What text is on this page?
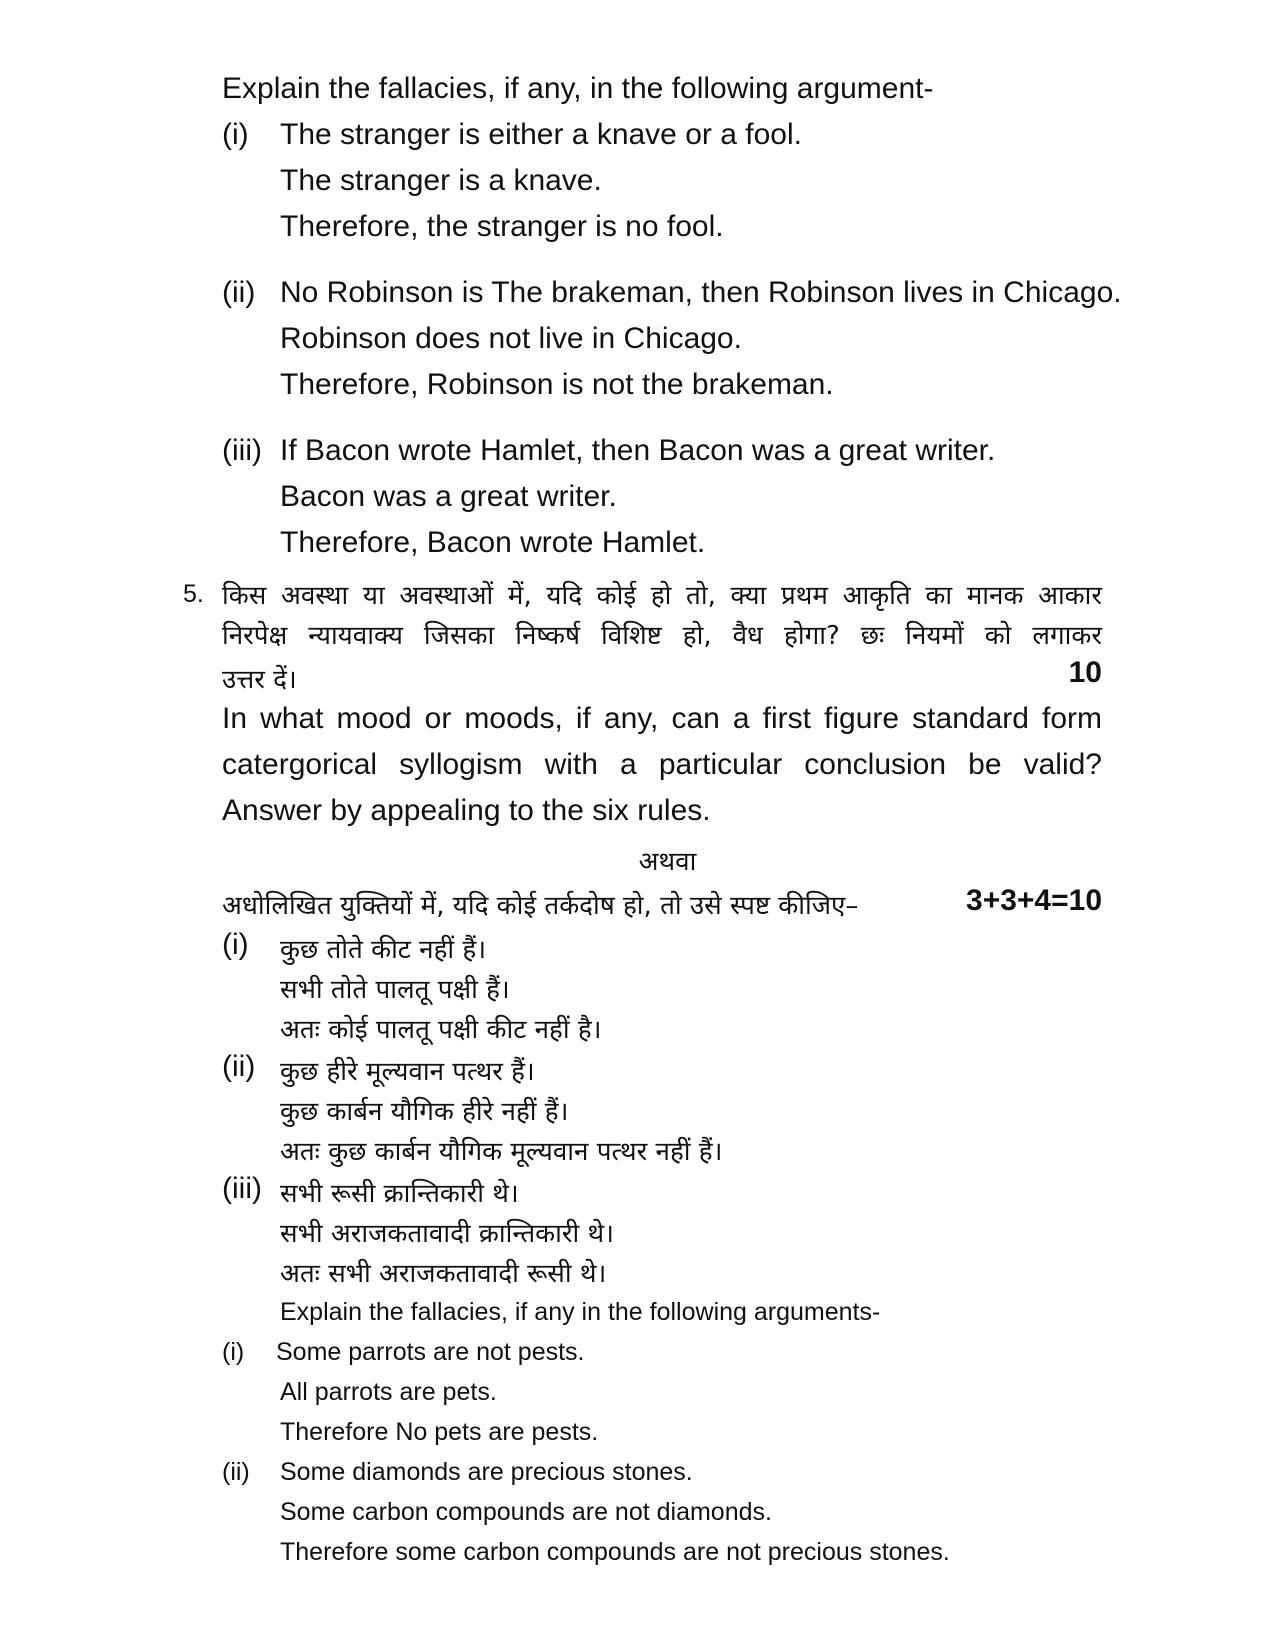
Explain the fallacies, if any, in the following argument-
(i) The stranger is either a knave or a fool.
The stranger is a knave.
Therefore, the stranger is no fool.
(ii) No Robinson is The brakeman, then Robinson lives in Chicago.
Robinson does not live in Chicago.
Therefore, Robinson is not the brakeman.
(iii) If Bacon wrote Hamlet, then Bacon was a great writer.
Bacon was a great writer.
Therefore, Bacon wrote Hamlet.
5. किस अवस्था या अवस्थाओं में, यदि कोई हो तो, क्या प्रथम आकृति का मानक आकार
निरपेक्ष न्यायवाक्य जिसका निष्कर्ष विशिष्ट हो, वैध होगा? छः नियमों को लगाकर
उत्तर दें।	10
In what mood or moods, if any, can a first figure standard form
catergorical syllogism with a particular conclusion be valid?
Answer by appealing to the six rules.
अथवा
अधोलिखित युक्तियों में, यदि कोई तर्कदोष हो, तो उसे स्पष्ट कीजिए–	3+3+4=10
(i) कुछ तोते कीट नहीं हैं।
सभी तोते पालतू पक्षी हैं।
अतः कोई पालतू पक्षी कीट नहीं है।
(ii) कुछ हीरे मूल्यवान पत्थर हैं।
कुछ कार्बन यौगिक हीरे नहीं हैं।
अतः कुछ कार्बन यौगिक मूल्यवान पत्थर नहीं हैं।
(iii) सभी रूसी क्रान्तिकारी थे।
सभी अराजकतावादी क्रान्तिकारी थे।
अतः सभी अराजकतावादी रूसी थे।
Explain the fallacies, if any in the following arguments-
(i) Some parrots are not pests.
All parrots are pets.
Therefore No pets are pests.
(ii) Some diamonds are precious stones.
Some carbon compounds are not diamonds.
Therefore some carbon compounds are not precious stones.
